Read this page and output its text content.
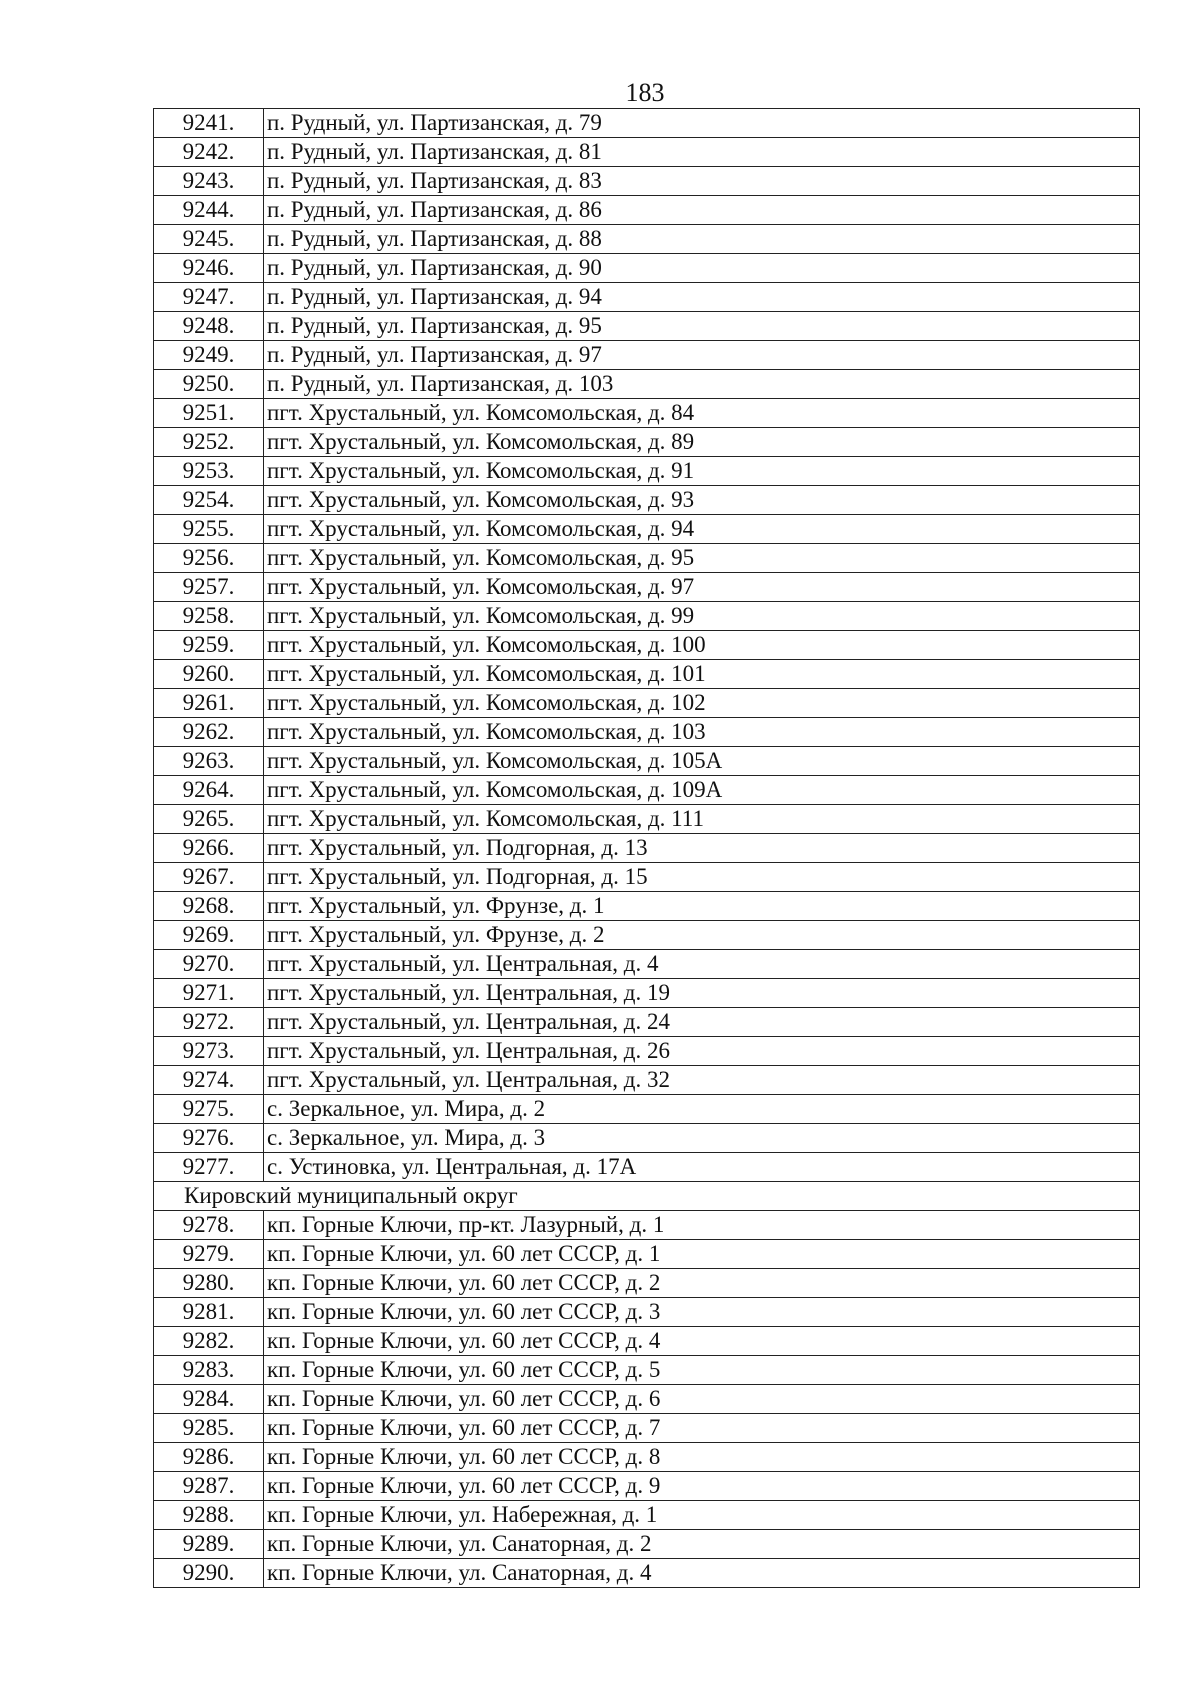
183
9241.	п. Рудный, ул. Партизанская, д. 79
9242.	п. Рудный, ул. Партизанская, д. 81
9243.	п. Рудный, ул. Партизанская, д. 83
9244.	п. Рудный, ул. Партизанская, д. 86
9245.	п. Рудный, ул. Партизанская, д. 88
9246.	п. Рудный, ул. Партизанская, д. 90
9247.	п. Рудный, ул. Партизанская, д. 94
9248.	п. Рудный, ул. Партизанская, д. 95
9249.	п. Рудный, ул. Партизанская, д. 97
9250.	п. Рудный, ул. Партизанская, д. 103
9251.	пгт. Хрустальный, ул. Комсомольская, д. 84
9252.	пгт. Хрустальный, ул. Комсомольская, д. 89
9253.	пгт. Хрустальный, ул. Комсомольская, д. 91
9254.	пгт. Хрустальный, ул. Комсомольская, д. 93
9255.	пгт. Хрустальный, ул. Комсомольская, д. 94
9256.	пгт. Хрустальный, ул. Комсомольская, д. 95
9257.	пгт. Хрустальный, ул. Комсомольская, д. 97
9258.	пгт. Хрустальный, ул. Комсомольская, д. 99
9259.	пгт. Хрустальный, ул. Комсомольская, д. 100
9260.	пгт. Хрустальный, ул. Комсомольская, д. 101
9261.	пгт. Хрустальный, ул. Комсомольская, д. 102
9262.	пгт. Хрустальный, ул. Комсомольская, д. 103
9263.	пгт. Хрустальный, ул. Комсомольская, д. 105А
9264.	пгт. Хрустальный, ул. Комсомольская, д. 109А
9265.	пгт. Хрустальный, ул. Комсомольская, д. 111
9266.	пгт. Хрустальный, ул. Подгорная, д. 13
9267.	пгт. Хрустальный, ул. Подгорная, д. 15
9268.	пгт. Хрустальный, ул. Фрунзе, д. 1
9269.	пгт. Хрустальный, ул. Фрунзе, д. 2
9270.	пгт. Хрустальный, ул. Центральная, д. 4
9271.	пгт. Хрустальный, ул. Центральная, д. 19
9272.	пгт. Хрустальный, ул. Центральная, д. 24
9273.	пгт. Хрустальный, ул. Центральная, д. 26
9274.	пгт. Хрустальный, ул. Центральная, д. 32
9275.	с. Зеркальное, ул. Мира, д. 2
9276.	с. Зеркальное, ул. Мира, д. 3
9277.	с. Устиновка, ул. Центральная, д. 17А
Кировский муниципальный округ	
9278.	кп. Горные Ключи, пр-кт. Лазурный, д. 1
9279.	кп. Горные Ключи, ул. 60 лет СССР, д. 1
9280.	кп. Горные Ключи, ул. 60 лет СССР, д. 2
9281.	кп. Горные Ключи, ул. 60 лет СССР, д. 3
9282.	кп. Горные Ключи, ул. 60 лет СССР, д. 4
9283.	кп. Горные Ключи, ул. 60 лет СССР, д. 5
9284.	кп. Горные Ключи, ул. 60 лет СССР, д. 6
9285.	кп. Горные Ключи, ул. 60 лет СССР, д. 7
9286.	кп. Горные Ключи, ул. 60 лет СССР, д. 8
9287.	кп. Горные Ключи, ул. 60 лет СССР, д. 9
9288.	кп. Горные Ключи, ул. Набережная, д. 1
9289.	кп. Горные Ключи, ул. Санаторная, д. 2
9290.	кп. Горные Ключи, ул. Санаторная, д. 4
